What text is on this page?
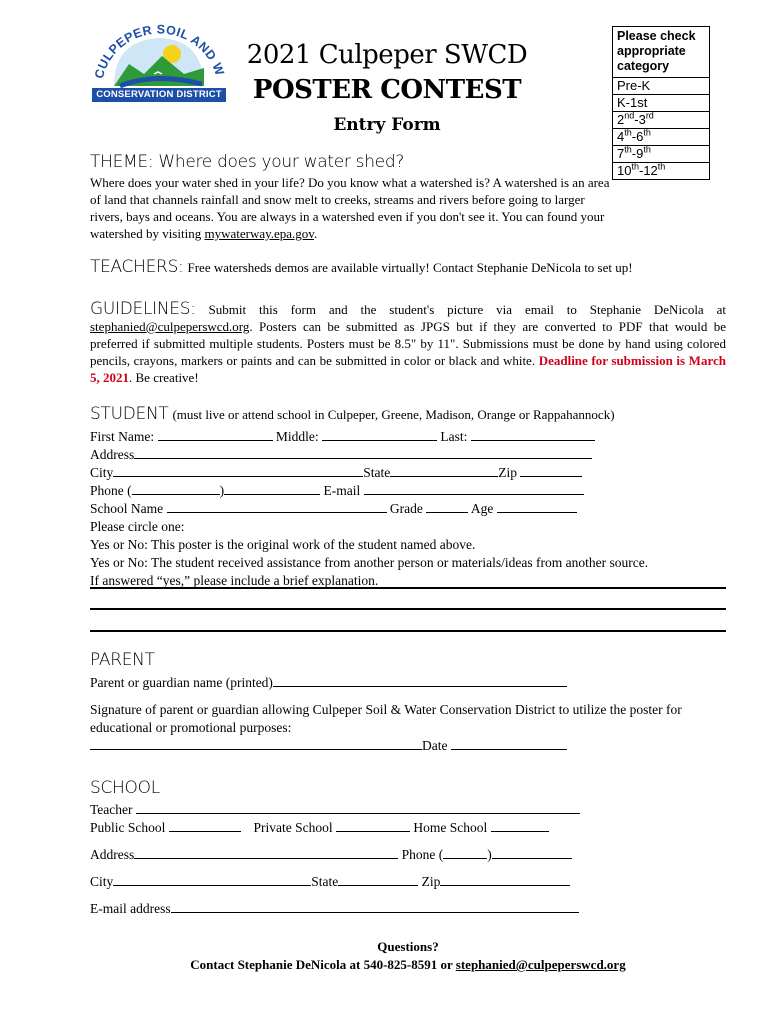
CULPEPER SOIL AND W
CONSERVATION DISTRICT
2021 Culpeper SWCD
POSTER CONTEST
Entry Form
Please check appropriate category
Pre-K
K-1st
2nd-3rd
4th-6th
7th-9th
10th-12th
THEME: Where does your water shed?
Where does your water shed in your life? Do you know what a watershed is? A watershed is an area of land that channels rainfall and snow melt to creeks, streams and rivers before going to larger rivers, bays and oceans. You are always in a watershed even if you don't see it. You can found your watershed by visiting mywaterway.epa.gov.
TEACHERS: Free watersheds demos are available virtually! Contact Stephanie DeNicola to set up!
GUIDELINES: Submit this form and the student's picture via email to Stephanie DeNicola at stephanied@culpeperswcd.org. Posters can be submitted as JPGS but if they are converted to PDF that would be preferred if submitted multiple students. Posters must be 8.5" by 11". Submissions must be done by hand using colored pencils, crayons, markers or paints and can be submitted in color or black and white. Deadline for submission is March 5, 2021. Be creative!
STUDENT (must live or attend school in Culpeper, Greene, Madison, Orange or Rappahannock)
First Name:	Middle:	Last:
Address
City	State	Zip
Phone (	)	E-mail
School Name	Grade	Age
Please circle one:
Yes or No: This poster is the original work of the student named above.
Yes or No: The student received assistance from another person or materials/ideas from another source.
If answered “yes,” please include a brief explanation.
PARENT
Parent or guardian name (printed)
Signature of parent or guardian allowing Culpeper Soil & Water Conservation District to utilize the poster for educational or promotional purposes:
Date
SCHOOL
Teacher
Public School	Private School	Home School
Address	Phone (	)
City	State	Zip
E-mail address
Questions?
Contact Stephanie DeNicola at 540-825-8591 or stephanied@culpeperswcd.org
